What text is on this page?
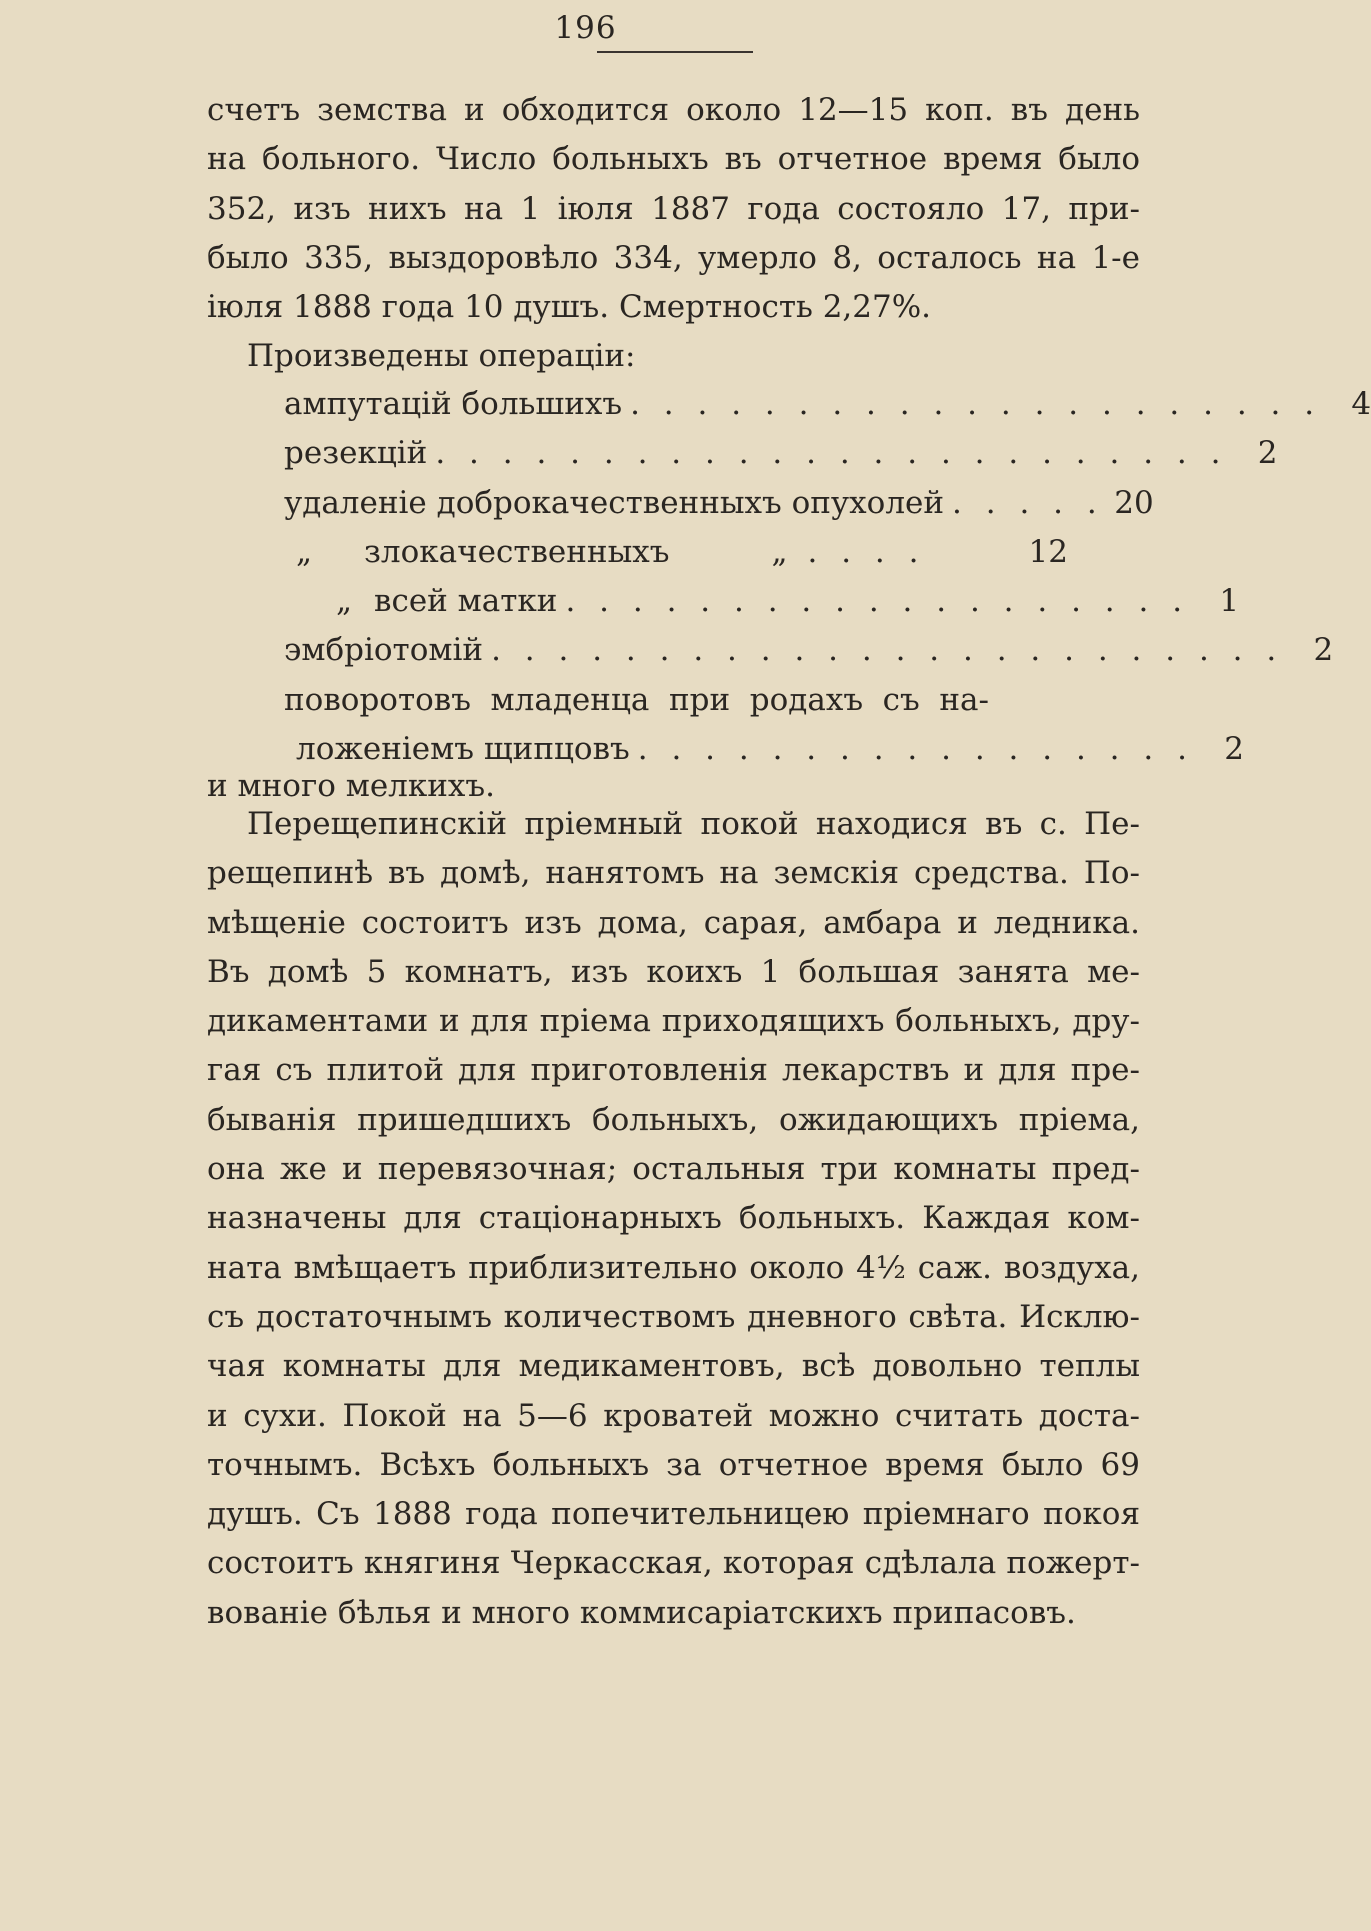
196
счетъ земства и обходится около 12—15 коп. въ день
на больного. Число больныхъ въ отчетное время было
352, изъ нихъ на 1 іюля 1887 года состояло 17, при-
было 335, выздоровѣло 334, умерло 8, осталось на 1-е
іюля 1888 года 10 душъ. Смертность 2,27%.
Произведены операціи:
ампутацій большихъ . . . . . . . . . . . . . . . . . . . . . 4
резекцій . . . . . . . . . . . . . . . . . . . . . . . . 2
удаленіе доброкачественныхъ опухолей . . . . . 20
„ злокачественныхъ	„ . . . .	12
„ всей матки . . . . . . . . . . . . . . . . . . . 1
эмбріотомій . . . . . . . . . . . . . . . . . . . . . . . . 2
поворотовъ младенца при родахъ съ на-
ложеніемъ щипцовъ . . . . . . . . . . . . . . . . . 2
и много мелкихъ.
Перещепинскій пріемный покой находися въ с. Пе-
рещепинѣ въ домѣ, нанятомъ на земскія средства. По-
мѣщеніе состоитъ изъ дома, сарая, амбара и ледника.
Въ домѣ 5 комнатъ, изъ коихъ 1 большая занята ме-
дикаментами и для пріема приходящихъ больныхъ, дру-
гая съ плитой для приготовленія лекарствъ и для пре-
быванія пришедшихъ больныхъ, ожидающихъ пріема,
она же и перевязочная; остальныя три комнаты пред-
назначены для стаціонарныхъ больныхъ. Каждая ком-
ната вмѣщаетъ приблизительно около 4½ саж. воздуха,
съ достаточнымъ количествомъ дневного свѣта. Исклю-
чая комнаты для медикаментовъ, всѣ довольно теплы
и сухи. Покой на 5—6 кроватей можно считать доста-
точнымъ. Всѣхъ больныхъ за отчетное время было 69
душъ. Съ 1888 года попечительницею пріемнаго покоя
состоитъ княгиня Черкасская, которая сдѣлала пожерт-
вованіе бѣлья и много коммисаріатскихъ припасовъ.
